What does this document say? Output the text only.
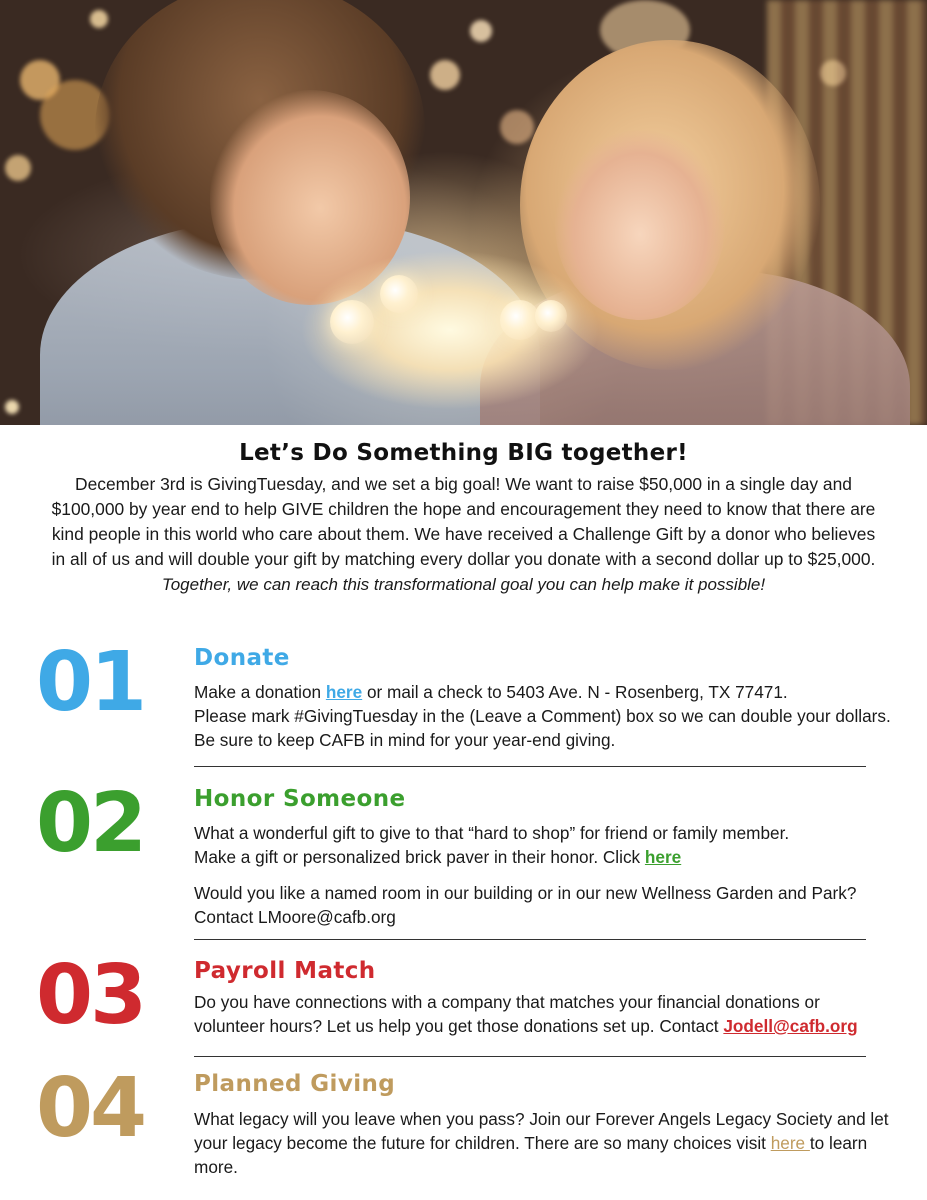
Let’s Do Something BIG together!
December 3rd is GivingTuesday, and we set a big goal! We want to raise $50,000 in a single day and
$100,000 by year end to help GIVE children the hope and encouragement they need to know that there are
kind people in this world who care about them. We have received a Challenge Gift by a donor who believes
in all of us and will double your gift by matching every dollar you donate with a second dollar up to $25,000.
Together, we can reach this transformational goal you can help make it possible!
01 Donate

Make a donation here or mail a check to 5403 Ave. N - Rosenberg, TX 77471.

Please mark #GivingTuesday in the (Leave a Comment) box so we can double your dollars.

Be sure to keep CAFB in mind for your year-end giving.

02 Honor Someone

What a wonderful gift to give to that “hard to shop” for friend or family member.

Make a gift or personalized brick paver in their honor. Click here

Would you like a named room in our building or in our new Wellness Garden and Park?

Contact LMoore@cafb.org

03 Payroll Match

Do you have connections with a company that matches your financial donations or

volunteer hours? Let us help you get those donations set up. Contact Jodell@cafb.org

04 Planned Giving

What legacy will you leave when you pass? Join our Forever Angels Legacy Society and let

your legacy become the future for children. There are so many choices visit here to learn

more.
